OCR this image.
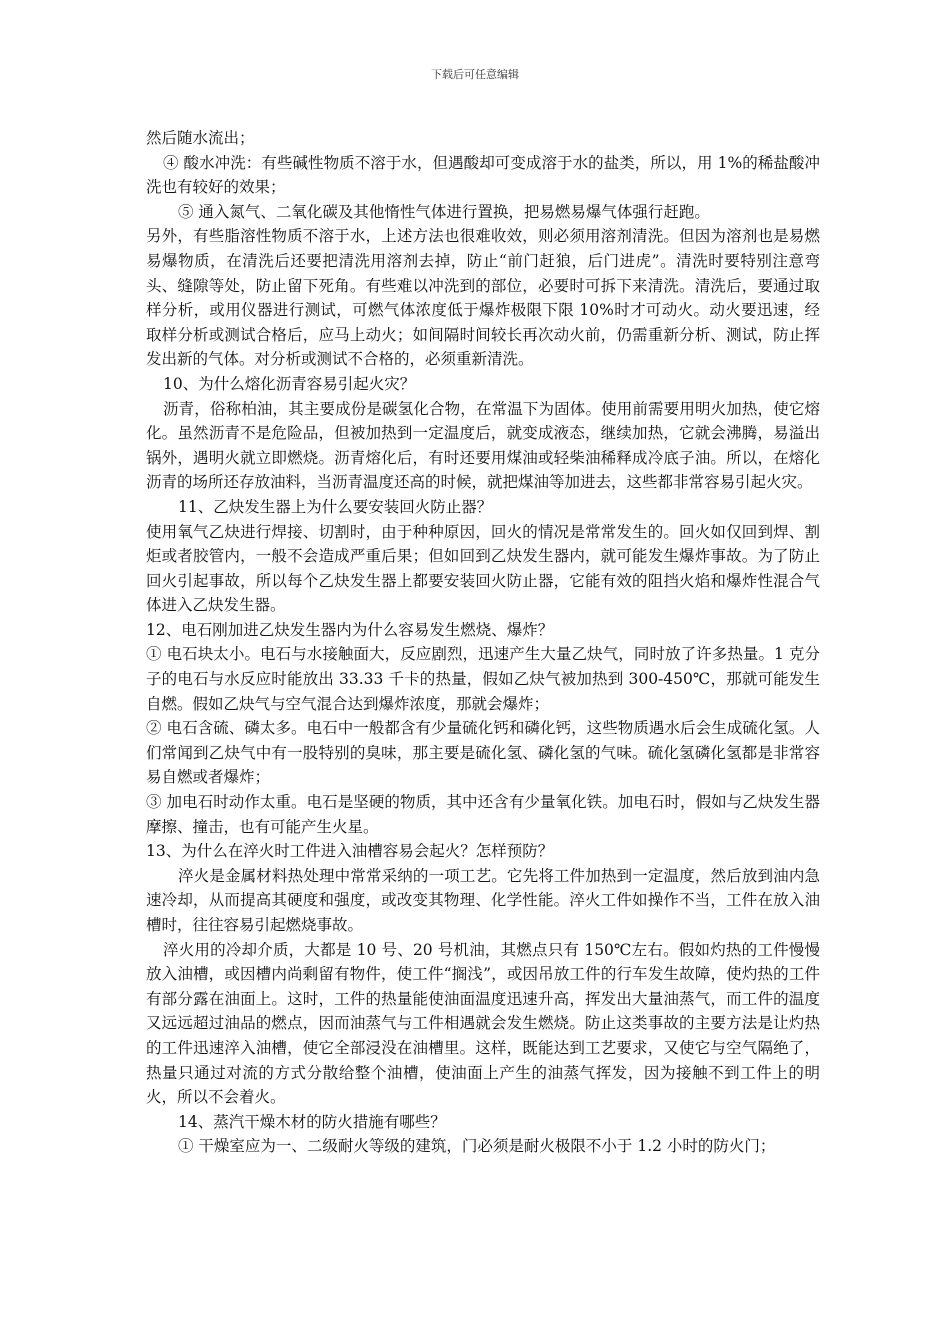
下载后可任意编辑

然后随水流出；

④ 酸水冲洗：有些碱性物质不溶于水，但遇酸却可变成溶于水的盐类，所以，用 1%的稀盐酸冲洗也有较好的效果；

⑤ 通入氮气、二氧化碳及其他惰性气体进行置换，把易燃易爆气体强行赶跑。

另外，有些脂溶性物质不溶于水，上述方法也很难收效，则必须用溶剂清洗。但因为溶剂也是易燃易爆物质，在清洗后还要把清洗用溶剂去掉，防止“前门赶狼，后门进虎”。清洗时要特别注意弯头、缝隙等处，防止留下死角。有些难以冲洗到的部位，必要时可拆下来清洗。清洗后，要通过取样分析，或用仪器进行测试，可燃气体浓度低于爆炸极限下限 10%时才可动火。动火要迅速，经取样分析或测试合格后，应马上动火；如间隔时间较长再次动火前，仍需重新分析、测试，防止挥发出新的气体。对分析或测试不合格的，必须重新清洗。

10、为什么熔化沥青容易引起火灾？

沥青，俗称柏油，其主要成份是碳氢化合物，在常温下为固体。使用前需要用明火加热，使它熔化。虽然沥青不是危险品，但被加热到一定温度后，就变成液态，继续加热，它就会沸腾，易溢出锅外，遇明火就立即燃烧。沥青熔化后，有时还要用煤油或轻柴油稀释成冷底子油。所以，在熔化沥青的场所还存放油料，当沥青温度还高的时候，就把煤油等加进去，这些都非常容易引起火灾。

11、乙炔发生器上为什么要安装回火防止器？

使用氧气乙炔进行焊接、切割时，由于种种原因，回火的情况是常常发生的。回火如仅回到焊、割炬或者胶管内，一般不会造成严重后果；但如回到乙炔发生器内，就可能发生爆炸事故。为了防止回火引起事故，所以每个乙炔发生器上都要安装回火防止器，它能有效的阻挡火焰和爆炸性混合气体进入乙炔发生器。

12、电石刚加进乙炔发生器内为什么容易发生燃烧、爆炸？

① 电石块太小。电石与水接触面大，反应剧烈，迅速产生大量乙炔气，同时放了许多热量。1 克分子的电石与水反应时能放出 33.33 千卡的热量，假如乙炔气被加热到 300-450℃，那就可能发生自燃。假如乙炔气与空气混合达到爆炸浓度，那就会爆炸；

② 电石含硫、磷太多。电石中一般都含有少量硫化钙和磷化钙，这些物质遇水后会生成硫化氢。人们常闻到乙炔气中有一股特别的臭味，那主要是硫化氢、磷化氢的气味。硫化氢磷化氢都是非常容易自燃或者爆炸；

③ 加电石时动作太重。电石是坚硬的物质，其中还含有少量氧化铁。加电石时，假如与乙炔发生器摩擦、撞击，也有可能产生火星。

13、为什么在淬火时工件进入油槽容易会起火？怎样预防？

淬火是金属材料热处理中常常采纳的一项工艺。它先将工件加热到一定温度，然后放到油内急速冷却，从而提高其硬度和强度，或改变其物理、化学性能。淬火工件如操作不当，工件在放入油槽时，往往容易引起燃烧事故。

淬火用的冷却介质，大都是 10 号、20 号机油，其燃点只有 150℃左右。假如灼热的工件慢慢放入油槽，或因槽内尚剩留有物件，使工件“搁浅”，或因吊放工件的行车发生故障，使灼热的工件有部分露在油面上。这时，工件的热量能使油面温度迅速升高，挥发出大量油蒸气，而工件的温度又远远超过油品的燃点，因而油蒸气与工件相遇就会发生燃烧。防止这类事故的主要方法是让灼热的工件迅速淬入油槽，使它全部浸没在油槽里。这样，既能达到工艺要求，又使它与空气隔绝了，热量只通过对流的方式分散给整个油槽，使油面上产生的油蒸气挥发，因为接触不到工件上的明火，所以不会着火。

14、蒸汽干燥木材的防火措施有哪些？

① 干燥室应为一、二级耐火等级的建筑，门必须是耐火极限不小于 1.2 小时的防火门；
